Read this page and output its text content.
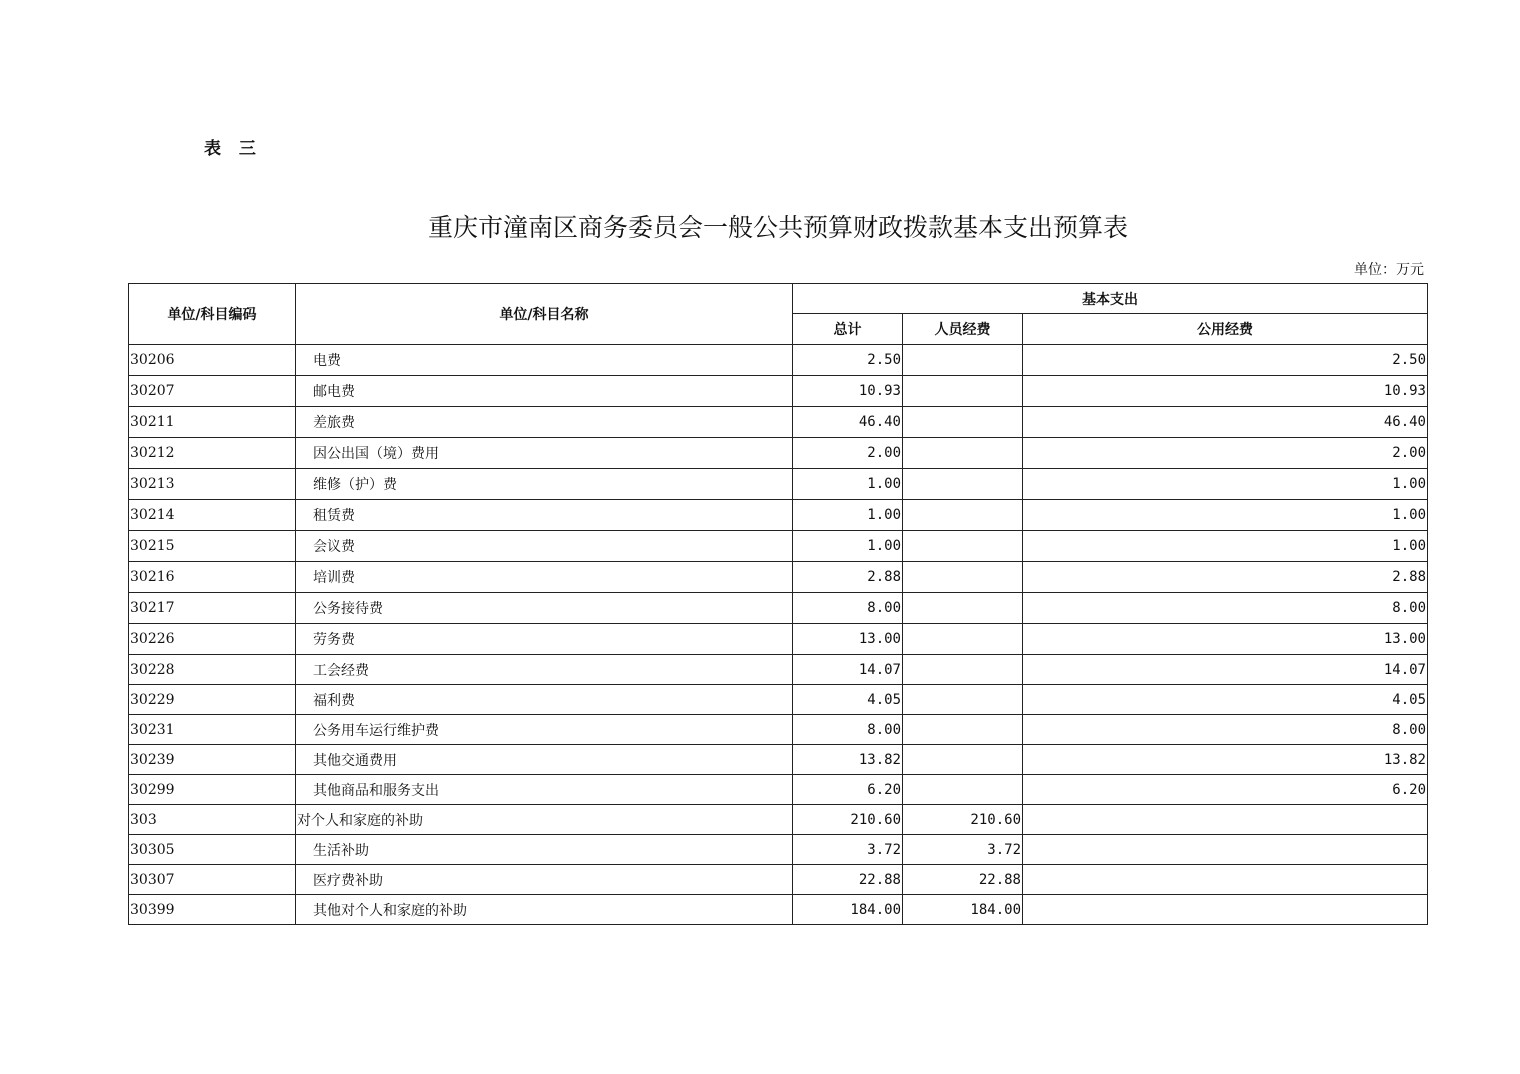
表 三
重庆市潼南区商务委员会一般公共预算财政拨款基本支出预算表
单位：万元
单位/科目编码	单位/科目名称	基本支出		
		总计	人员经费	公用经费
30206	电费	2.50		2.50
30207	邮电费	10.93		10.93
30211	差旅费	46.40		46.40
30212	因公出国（境）费用	2.00		2.00
30213	维修（护）费	1.00		1.00
30214	租赁费	1.00		1.00
30215	会议费	1.00		1.00
30216	培训费	2.88		2.88
30217	公务接待费	8.00		8.00
30226	劳务费	13.00		13.00
30228	工会经费	14.07		14.07
30229	福利费	4.05		4.05
30231	公务用车运行维护费	8.00		8.00
30239	其他交通费用	13.82		13.82
30299	其他商品和服务支出	6.20		6.20
303	对个人和家庭的补助	210.60	210.60	
30305	生活补助	3.72	3.72	
30307	医疗费补助	22.88	22.88	
30399	其他对个人和家庭的补助	184.00	184.00	
